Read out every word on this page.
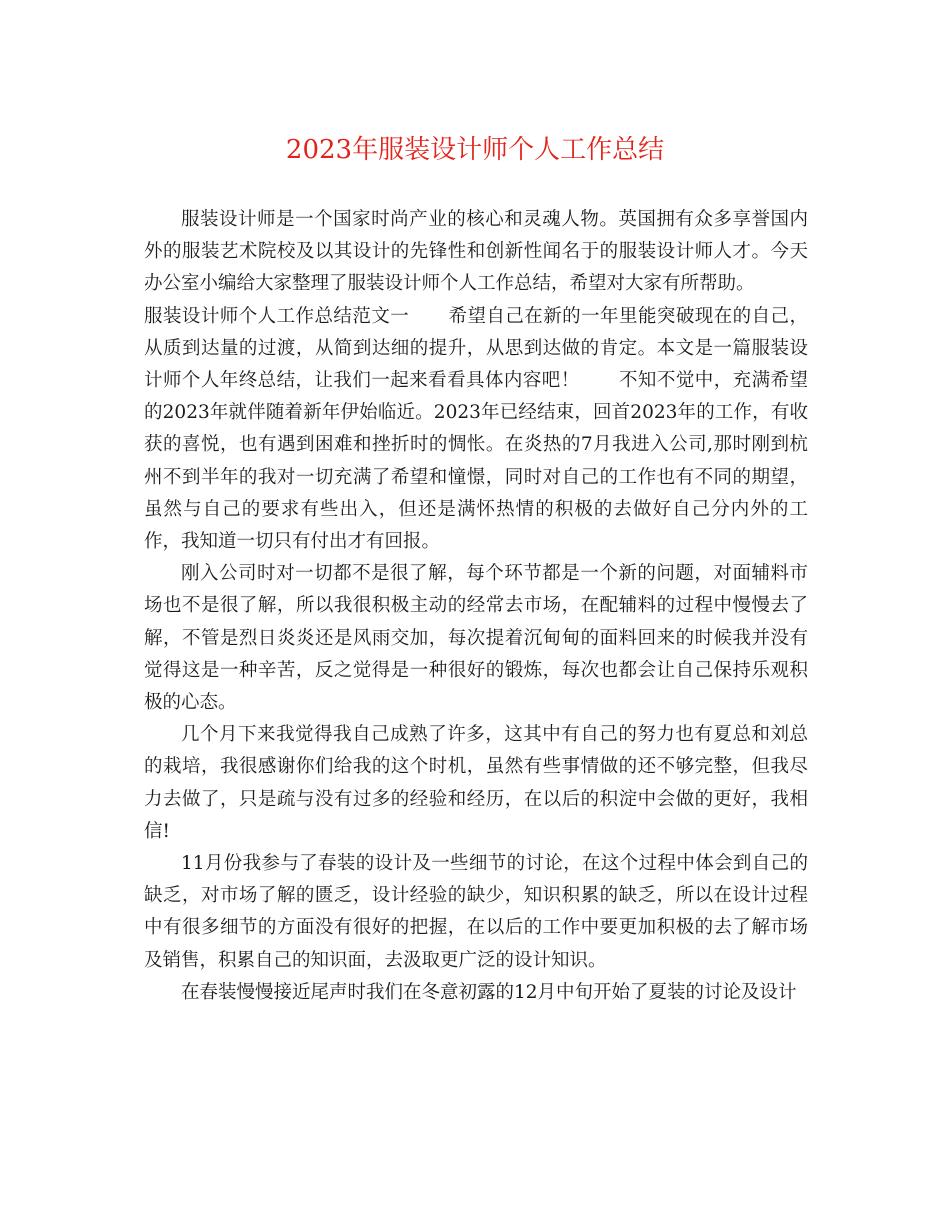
2023年服装设计师个人工作总结

服装设计师是一个国家时尚产业的核心和灵魂人物。英国拥有众多享誉国内外的服装艺术院校及以其设计的先锋性和创新性闻名于的服装设计师人才。今天办公室小编给大家整理了服装设计师个人工作总结，希望对大家有所帮助。

服装设计师个人工作总结范文一 希望自己在新的一年里能突破现在的自己，从质到达量的过渡，从简到达细的提升，从思到达做的肯定。本文是一篇服装设计师个人年终总结，让我们一起来看看具体内容吧！ 不知不觉中，充满希望的2023年就伴随着新年伊始临近。2023年已经结束，回首2023年的工作，有收获的喜悦，也有遇到困难和挫折时的惆怅。在炎热的7月我进入公司,那时刚到杭州不到半年的我对一切充满了希望和憧憬，同时对自己的工作也有不同的期望，虽然与自己的要求有些出入，但还是满怀热情的积极的去做好自己分内外的工作，我知道一切只有付出才有回报。

刚入公司时对一切都不是很了解，每个环节都是一个新的问题，对面辅料市场也不是很了解，所以我很积极主动的经常去市场，在配辅料的过程中慢慢去了解，不管是烈日炎炎还是风雨交加，每次提着沉甸甸的面料回来的时候我并没有觉得这是一种辛苦，反之觉得是一种很好的锻炼，每次也都会让自己保持乐观积极的心态。

几个月下来我觉得我自己成熟了许多，这其中有自己的努力也有夏总和刘总的栽培，我很感谢你们给我的这个时机，虽然有些事情做的还不够完整，但我尽力去做了，只是疏与没有过多的经验和经历，在以后的积淀中会做的更好，我相信!

11月份我参与了春装的设计及一些细节的讨论，在这个过程中体会到自己的缺乏，对市场了解的匮乏，设计经验的缺少，知识积累的缺乏，所以在设计过程中有很多细节的方面没有很好的把握，在以后的工作中要更加积极的去了解市场及销售，积累自己的知识面，去汲取更广泛的设计知识。

在春装慢慢接近尾声时我们在冬意初露的12月中旬开始了夏装的讨论及设计
